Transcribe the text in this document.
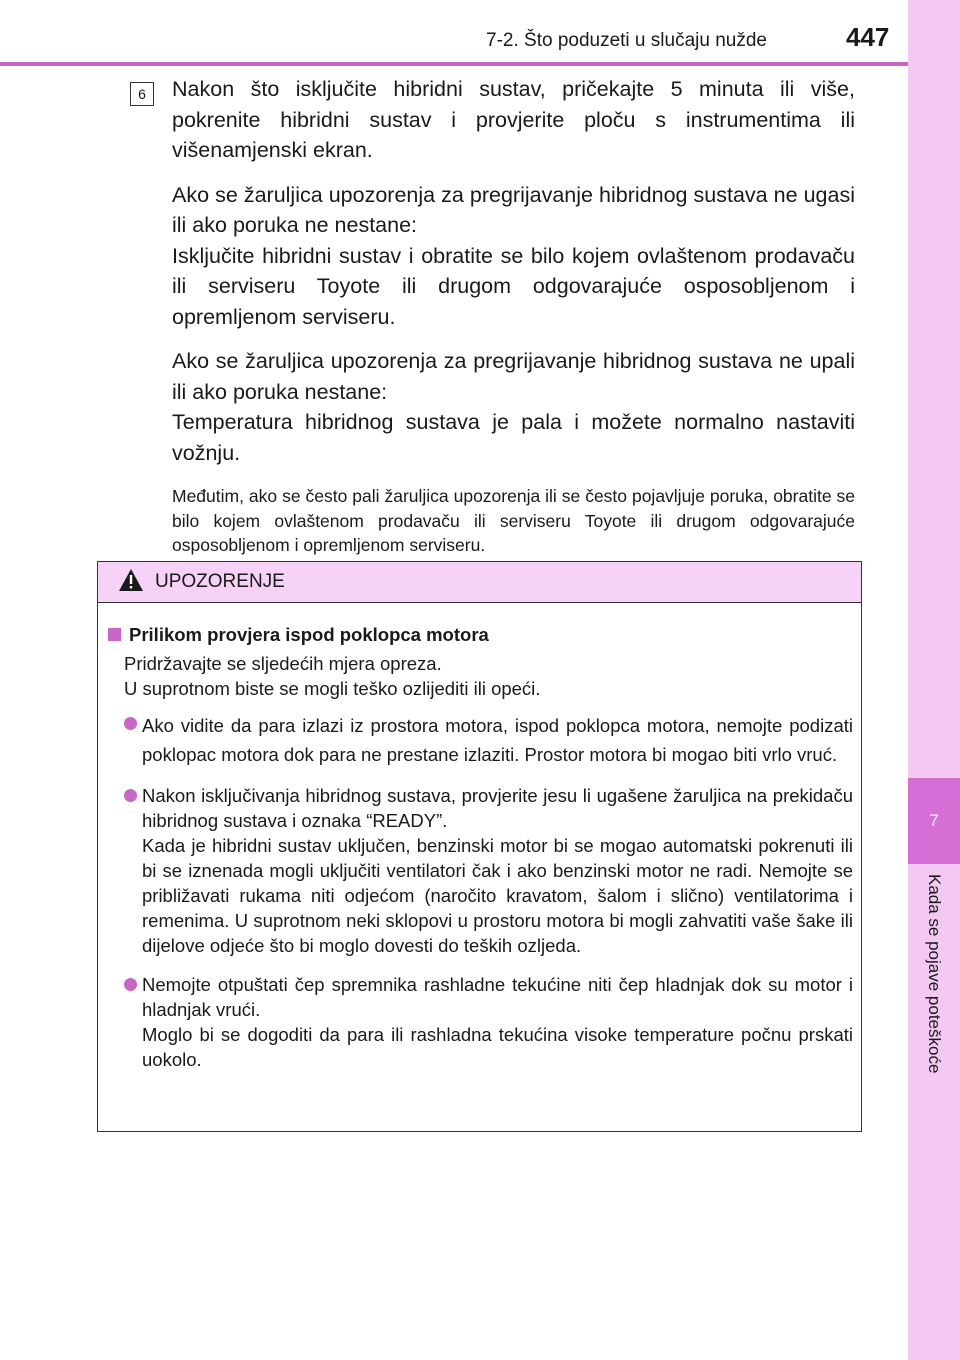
7
Kada se pojave poteškoće
7-2. Što poduzeti u slučaju nužde	447
6	Nakon što isključite hibridni sustav, pričekajte 5 minuta ili više, pokrenite hibridni sustav i provjerite ploču s instrumentima ili višenamjenski ekran.

Ako se žaruljica upozorenja za pregrijavanje hibridnog sustava ne ugasi ili ako poruka ne nestane:
Isključite hibridni sustav i obratite se bilo kojem ovlaštenom prodavaču ili serviseru Toyote ili drugom odgovarajuće osposobljenom i opremljenom serviseru.

Ako se žaruljica upozorenja za pregrijavanje hibridnog sustava ne upali ili ako poruka nestane:
Temperatura hibridnog sustava je pala i možete normalno nastaviti vožnju.

Međutim, ako se često pali žaruljica upozorenja ili se često pojavljuje poruka, obratite se bilo kojem ovlaštenom prodavaču ili serviseru Toyote ili drugom odgovarajuće osposobljenom i opremljenom serviseru.

UPOZORENJE
Prilikom provjera ispod poklopca motora
Pridržavajte se sljedećih mjera opreza.
U suprotnom biste se mogli teško ozlijediti ili opeći.
Ako vidite da para izlazi iz prostora motora, ispod poklopca motora, nemojte podizati poklopac motora dok para ne prestane izlaziti. Prostor motora bi mogao biti vrlo vruć.
Nakon isključivanja hibridnog sustava, provjerite jesu li ugašene žaruljica na prekidaču hibridnog sustava i oznaka “READY”.
Kada je hibridni sustav uključen, benzinski motor bi se mogao automatski pokrenuti ili bi se iznenada mogli uključiti ventilatori čak i ako benzinski motor ne radi. Nemojte se približavati rukama niti odjećom (naročito kravatom, šalom i slično) ventilatorima i remenima. U suprotnom neki sklopovi u prostoru motora bi mogli zahvatiti vaše šake ili dijelove odjeće što bi moglo dovesti do teških ozljeda.
Nemojte otpuštati čep spremnika rashladne tekućine niti čep hladnjak dok su motor i hladnjak vrući.
Moglo bi se dogoditi da para ili rashladna tekućina visoke temperature počnu prskati uokolo.
